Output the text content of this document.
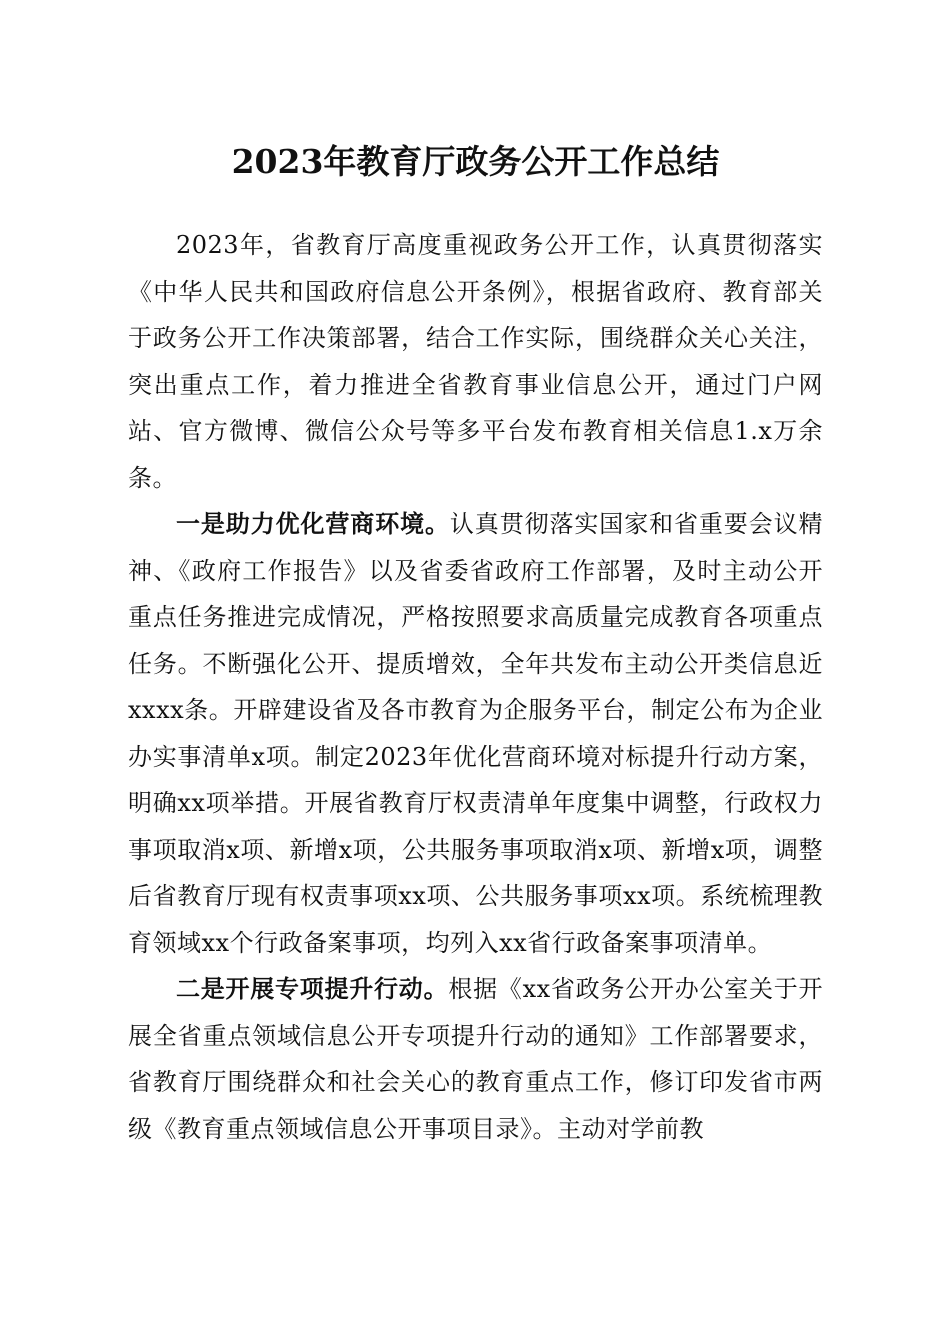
2023年教育厅政务公开工作总结

2023年，省教育厅高度重视政务公开工作，认真贯彻落实《中华人民共和国政府信息公开条例》，根据省政府、教育部关于政务公开工作决策部署，结合工作实际，围绕群众关心关注，突出重点工作，着力推进全省教育事业信息公开，通过门户网站、官方微博、微信公众号等多平台发布教育相关信息1.x万余条。

一是助力优化营商环境。认真贯彻落实国家和省重要会议精神、《政府工作报告》以及省委省政府工作部署，及时主动公开重点任务推进完成情况，严格按照要求高质量完成教育各项重点任务。不断强化公开、提质增效，全年共发布主动公开类信息近xxxx条。开辟建设省及各市教育为企服务平台，制定公布为企业办实事清单x项。制定2023年优化营商环境对标提升行动方案，明确xx项举措。开展省教育厅权责清单年度集中调整，行政权力事项取消x项、新增x项，公共服务事项取消x项、新增x项，调整后省教育厅现有权责事项xx项、公共服务事项xx项。系统梳理教育领域xx个行政备案事项，均列入xx省行政备案事项清单。

二是开展专项提升行动。根据《xx省政务公开办公室关于开展全省重点领域信息公开专项提升行动的通知》工作部署要求，省教育厅围绕群众和社会关心的教育重点工作，修订印发省市两级《教育重点领域信息公开事项目录》。主动对学前教
